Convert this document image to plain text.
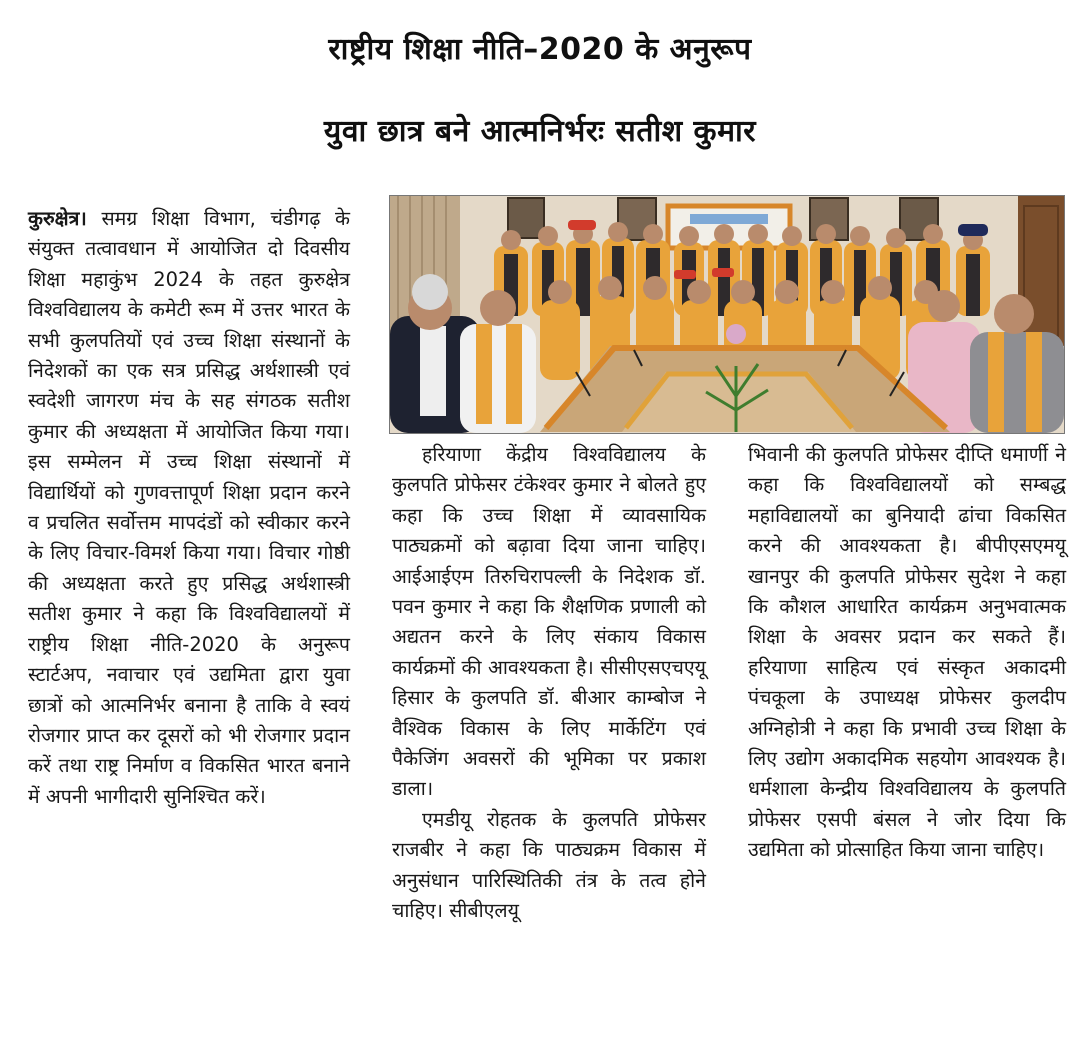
राष्ट्रीय शिक्षा नीति–2020 के अनुरूप
युवा छात्र बने आत्मनिर्भरः सतीश कुमार

कुरुक्षेत्र। समग्र शिक्षा विभाग, चंडीगढ़ के संयुक्त तत्वावधान में आयोजित दो दिवसीय शिक्षा महाकुंभ 2024 के तहत कुरुक्षेत्र विश्वविद्यालय के कमेटी रूम में उत्तर भारत के सभी कुलपतियों एवं उच्च शिक्षा संस्थानों के निदेशकों का एक सत्र प्रसिद्ध अर्थशास्त्री एवं स्वदेशी जागरण मंच के सह संगठक सतीश कुमार की अध्यक्षता में आयोजित किया गया। इस सम्मेलन में उच्च शिक्षा संस्थानों में विद्यार्थियों को गुणवत्तापूर्ण शिक्षा प्रदान करने व प्रचलित सर्वोत्तम मापदंडों को स्वीकार करने के लिए विचार-विमर्श किया गया। विचार गोष्ठी की अध्यक्षता करते हुए प्रसिद्ध अर्थशास्त्री सतीश कुमार ने कहा कि विश्वविद्यालयों में राष्ट्रीय शिक्षा नीति-2020 के अनुरूप स्टार्टअप, नवाचार एवं उद्यमिता द्वारा युवा छात्रों को आत्मनिर्भर बनाना है ताकि वे स्वयं रोजगार प्राप्त कर दूसरों को भी रोजगार प्रदान करें तथा राष्ट्र निर्माण व विकसित भारत बनाने में अपनी भागीदारी सुनिश्चित करें।

हरियाणा केंद्रीय विश्वविद्यालय के कुलपति प्रोफेसर टंकेश्वर कुमार ने बोलते हुए कहा कि उच्च शिक्षा में व्यावसायिक पाठ्यक्रमों को बढ़ावा दिया जाना चाहिए। आईआईएम तिरुचिरापल्ली के निदेशक डॉ. पवन कुमार ने कहा कि शैक्षणिक प्रणाली को अद्यतन करने के लिए संकाय विकास कार्यक्रमों की आवश्यकता है। सीसीएसएचएयू हिसार के कुलपति डॉ. बीआर काम्बोज ने वैश्विक विकास के लिए मार्केटिंग एवं पैकेजिंग अवसरों की भूमिका पर प्रकाश डाला।

एमडीयू रोहतक के कुलपति प्रोफेसर राजबीर ने कहा कि पाठ्यक्रम विकास में अनुसंधान पारिस्थितिकी तंत्र के तत्व होने चाहिए। सीबीएलयू

भिवानी की कुलपति प्रोफेसर दीप्ति धमार्णी ने कहा कि विश्वविद्यालयों को सम्बद्ध महाविद्यालयों का बुनियादी ढांचा विकसित करने की आवश्यकता है। बीपीएसएमयू खानपुर की कुलपति प्रोफेसर सुदेश ने कहा कि कौशल आधारित कार्यक्रम अनुभवात्मक शिक्षा के अवसर प्रदान कर सकते हैं। हरियाणा साहित्य एवं संस्कृत अकादमी पंचकूला के उपाध्यक्ष प्रोफेसर कुलदीप अग्निहोत्री ने कहा कि प्रभावी उच्च शिक्षा के लिए उद्योग अकादमिक सहयोग आवश्यक है। धर्मशाला केन्द्रीय विश्वविद्यालय के कुलपति प्रोफेसर एसपी बंसल ने जोर दिया कि उद्यमिता को प्रोत्साहित किया जाना चाहिए।
